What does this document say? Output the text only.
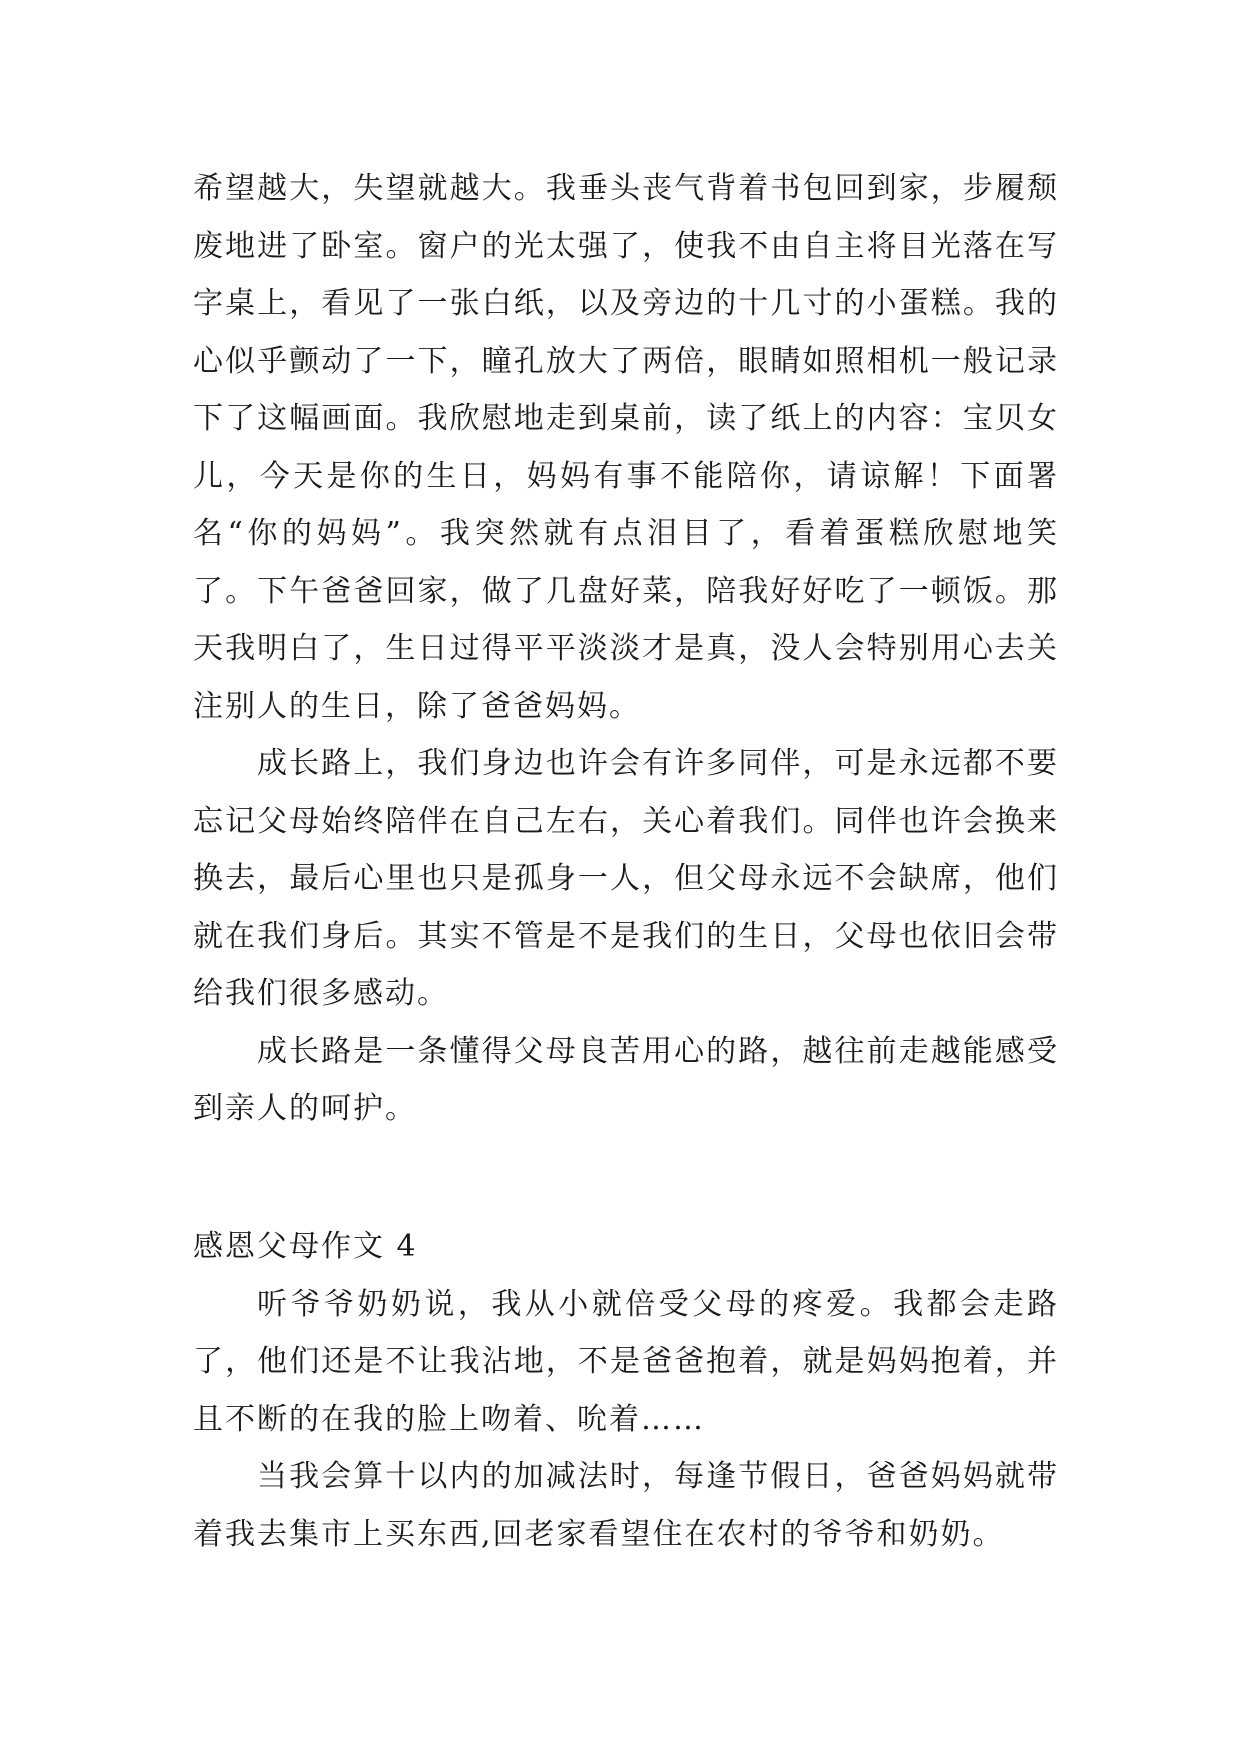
希望越大，失望就越大。我垂头丧气背着书包回到家，步履颓废地进了卧室。窗户的光太强了，使我不由自主将目光落在写字桌上，看见了一张白纸，以及旁边的十几寸的小蛋糕。我的心似乎颤动了一下，瞳孔放大了两倍，眼睛如照相机一般记录下了这幅画面。我欣慰地走到桌前，读了纸上的内容：宝贝女儿，今天是你的生日，妈妈有事不能陪你，请谅解！下面署名“你的妈妈”。我突然就有点泪目了，看着蛋糕欣慰地笑了。下午爸爸回家，做了几盘好菜，陪我好好吃了一顿饭。那天我明白了，生日过得平平淡淡才是真，没人会特别用心去关注别人的生日，除了爸爸妈妈。

成长路上，我们身边也许会有许多同伴，可是永远都不要忘记父母始终陪伴在自己左右，关心着我们。同伴也许会换来换去，最后心里也只是孤身一人，但父母永远不会缺席，他们就在我们身后。其实不管是不是我们的生日，父母也依旧会带给我们很多感动。

成长路是一条懂得父母良苦用心的路，越往前走越能感受到亲人的呵护。

感恩父母作文 4

听爷爷奶奶说，我从小就倍受父母的疼爱。我都会走路了，他们还是不让我沾地，不是爸爸抱着，就是妈妈抱着，并且不断的在我的脸上吻着、吮着……

当我会算十以内的加减法时，每逢节假日，爸爸妈妈就带着我去集市上买东西,回老家看望住在农村的爷爷和奶奶。
